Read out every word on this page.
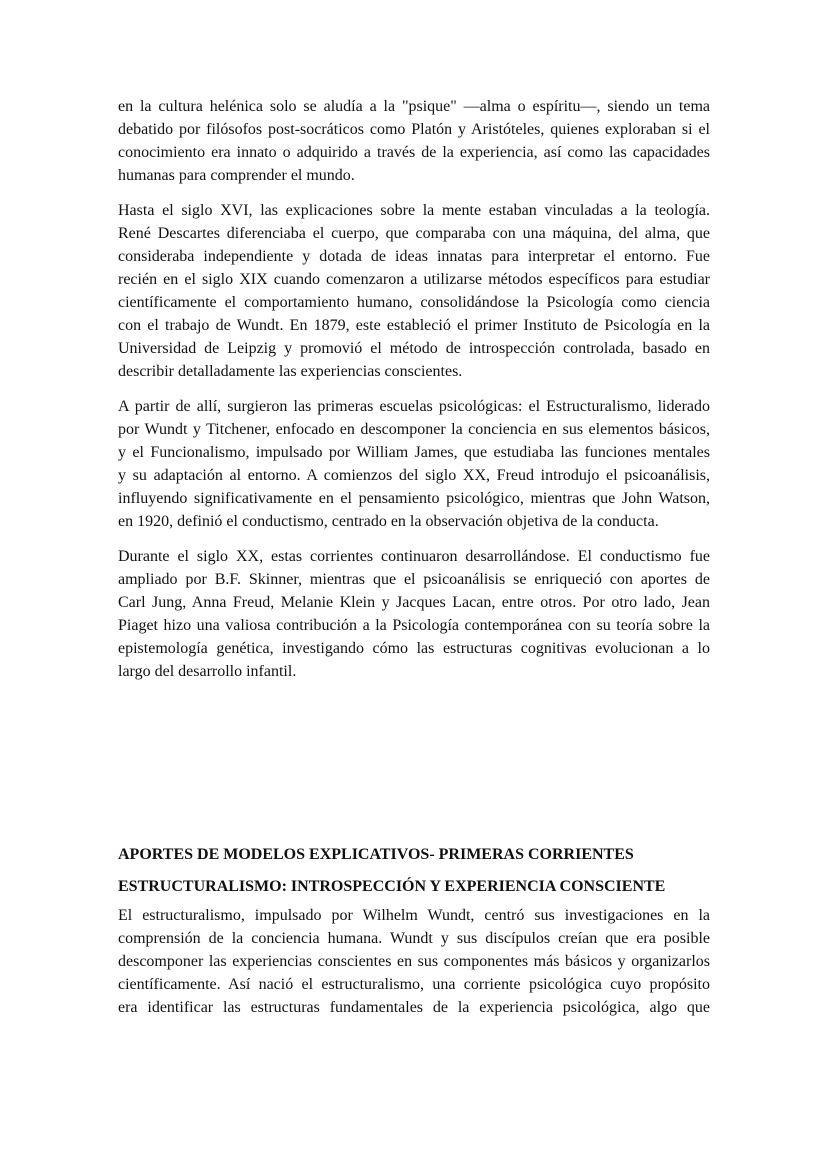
en la cultura helénica solo se aludía a la "psique" —alma o espíritu—, siendo un tema
debatido por filósofos post-socráticos como Platón y Aristóteles, quienes exploraban si el
conocimiento era innato o adquirido a través de la experiencia, así como las capacidades
humanas para comprender el mundo.
Hasta el siglo XVI, las explicaciones sobre la mente estaban vinculadas a la teología.
René Descartes diferenciaba el cuerpo, que comparaba con una máquina, del alma, que
consideraba independiente y dotada de ideas innatas para interpretar el entorno. Fue
recién en el siglo XIX cuando comenzaron a utilizarse métodos específicos para estudiar
científicamente el comportamiento humano, consolidándose la Psicología como ciencia
con el trabajo de Wundt. En 1879, este estableció el primer Instituto de Psicología en la
Universidad de Leipzig y promovió el método de introspección controlada, basado en
describir detalladamente las experiencias conscientes.
A partir de allí, surgieron las primeras escuelas psicológicas: el Estructuralismo, liderado
por Wundt y Titchener, enfocado en descomponer la conciencia en sus elementos básicos,
y el Funcionalismo, impulsado por William James, que estudiaba las funciones mentales
y su adaptación al entorno. A comienzos del siglo XX, Freud introdujo el psicoanálisis,
influyendo significativamente en el pensamiento psicológico, mientras que John Watson,
en 1920, definió el conductismo, centrado en la observación objetiva de la conducta.
Durante el siglo XX, estas corrientes continuaron desarrollándose. El conductismo fue
ampliado por B.F. Skinner, mientras que el psicoanálisis se enriqueció con aportes de
Carl Jung, Anna Freud, Melanie Klein y Jacques Lacan, entre otros. Por otro lado, Jean
Piaget hizo una valiosa contribución a la Psicología contemporánea con su teoría sobre la
epistemología genética, investigando cómo las estructuras cognitivas evolucionan a lo
largo del desarrollo infantil.
APORTES DE MODELOS EXPLICATIVOS- PRIMERAS CORRIENTES
ESTRUCTURALISMO: INTROSPECCIÓN Y EXPERIENCIA CONSCIENTE
El estructuralismo, impulsado por Wilhelm Wundt, centró sus investigaciones en la
comprensión de la conciencia humana. Wundt y sus discípulos creían que era posible
descomponer las experiencias conscientes en sus componentes más básicos y organizarlos
científicamente. Así nació el estructuralismo, una corriente psicológica cuyo propósito
era identificar las estructuras fundamentales de la experiencia psicológica, algo que
